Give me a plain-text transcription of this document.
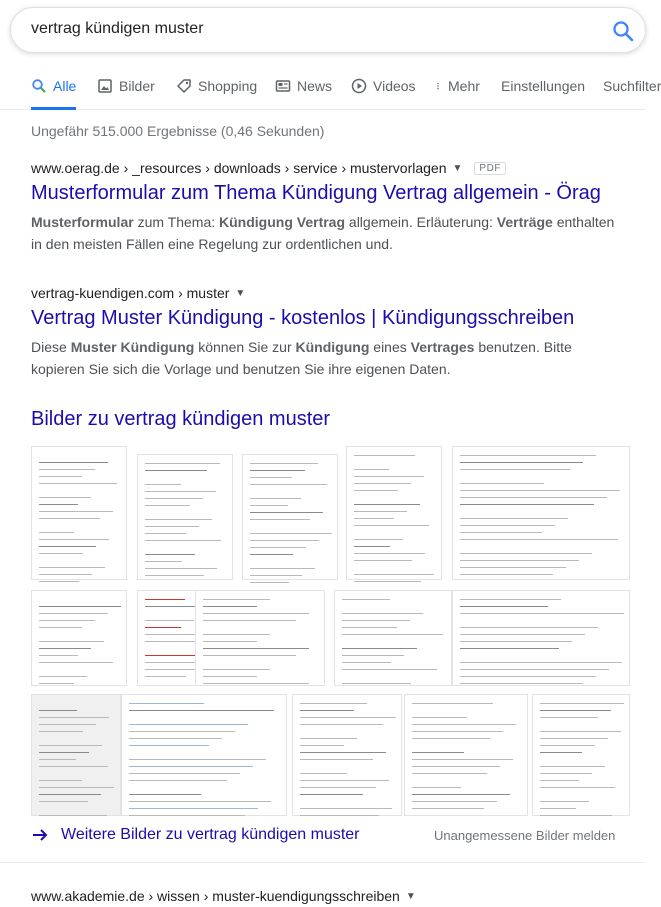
vertrag kündigen muster
Alle	Bilder	Shopping	News	Videos Mehr Einstellungen Suchfilter
Ungefähr 515.000 Ergebnisse (0,46 Sekunden)
www.oerag.de › _resources › downloads › service › mustervorlagen ▼	PDF
Musterformular zum Thema Kündigung Vertrag allgemein - Örag
Musterformular zum Thema: Kündigung Vertrag allgemein. Erläuterung: Verträge enthalten in den meisten Fällen eine Regelung zur ordentlichen und.
vertrag-kuendigen.com › muster ▼
Vertrag Muster Kündigung - kostenlos | Kündigungsschreiben
Diese Muster Kündigung können Sie zur Kündigung eines Vertrages benutzen. Bitte kopieren Sie sich die Vorlage und benutzen Sie ihre eigenen Daten.
Bilder zu vertrag kündigen muster
Weitere Bilder zu vertrag kündigen muster	Unangemessene Bilder melden
www.akademie.de › wissen › muster-kuendigungsschreiben ▼
